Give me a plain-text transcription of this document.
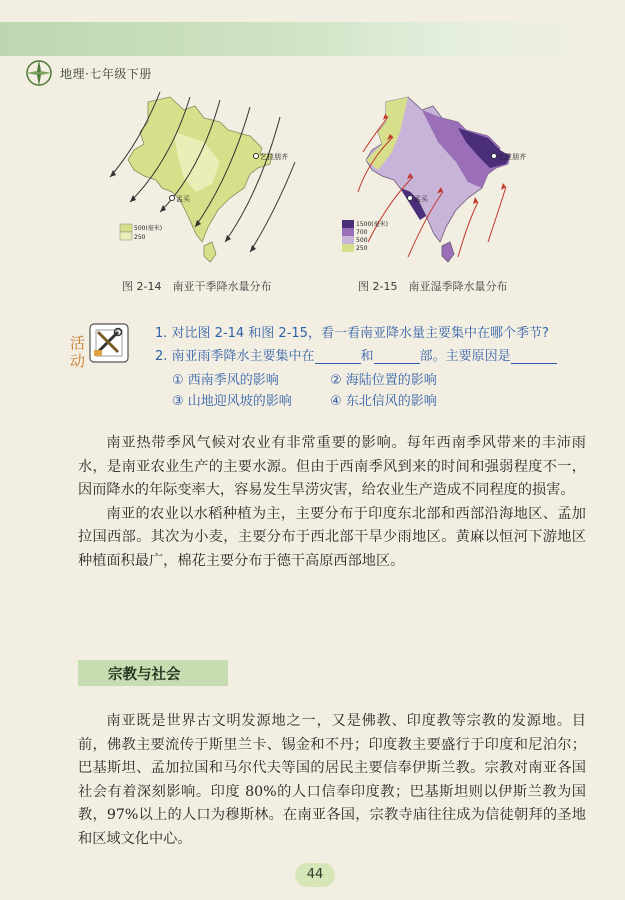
地理·七年级下册
乞拉朋齐
孟买
500(毫米)
250
图 2-14　南亚干季降水量分布
乞拉朋齐
孟买
1500(毫米)
700
500
250
图 2-15　南亚湿季降水量分布
活
动
1. 对比图 2-14 和图 2-15，看一看南亚降水量主要集中在哪个季节?
2. 南亚雨季降水主要集中在	和	部。主要原因是
① 西南季风的影响	② 海陆位置的影响
③ 山地迎风坡的影响	④ 东北信风的影响

南亚热带季风气候对农业有非常重要的影响。每年西南季风带来的丰沛雨水，是南亚农业生产的主要水源。但由于西南季风到来的时间和强弱程度不一，因而降水的年际变率大，容易发生旱涝灾害，给农业生产造成不同程度的损害。

南亚的农业以水稻种植为主，主要分布于印度东北部和西部沿海地区、孟加拉国西部。其次为小麦，主要分布于西北部干旱少雨地区。黄麻以恒河下游地区种植面积最广，棉花主要分布于德干高原西部地区。

宗教与社会

南亚既是世界古文明发源地之一，又是佛教、印度教等宗教的发源地。目前，佛教主要流传于斯里兰卡、锡金和不丹；印度教主要盛行于印度和尼泊尔；巴基斯坦、孟加拉国和马尔代夫等国的居民主要信奉伊斯兰教。宗教对南亚各国社会有着深刻影响。印度 80%的人口信奉印度教；巴基斯坦则以伊斯兰教为国教，97%以上的人口为穆斯林。在南亚各国，宗教寺庙往往成为信徒朝拜的圣地和区域文化中心。

44
